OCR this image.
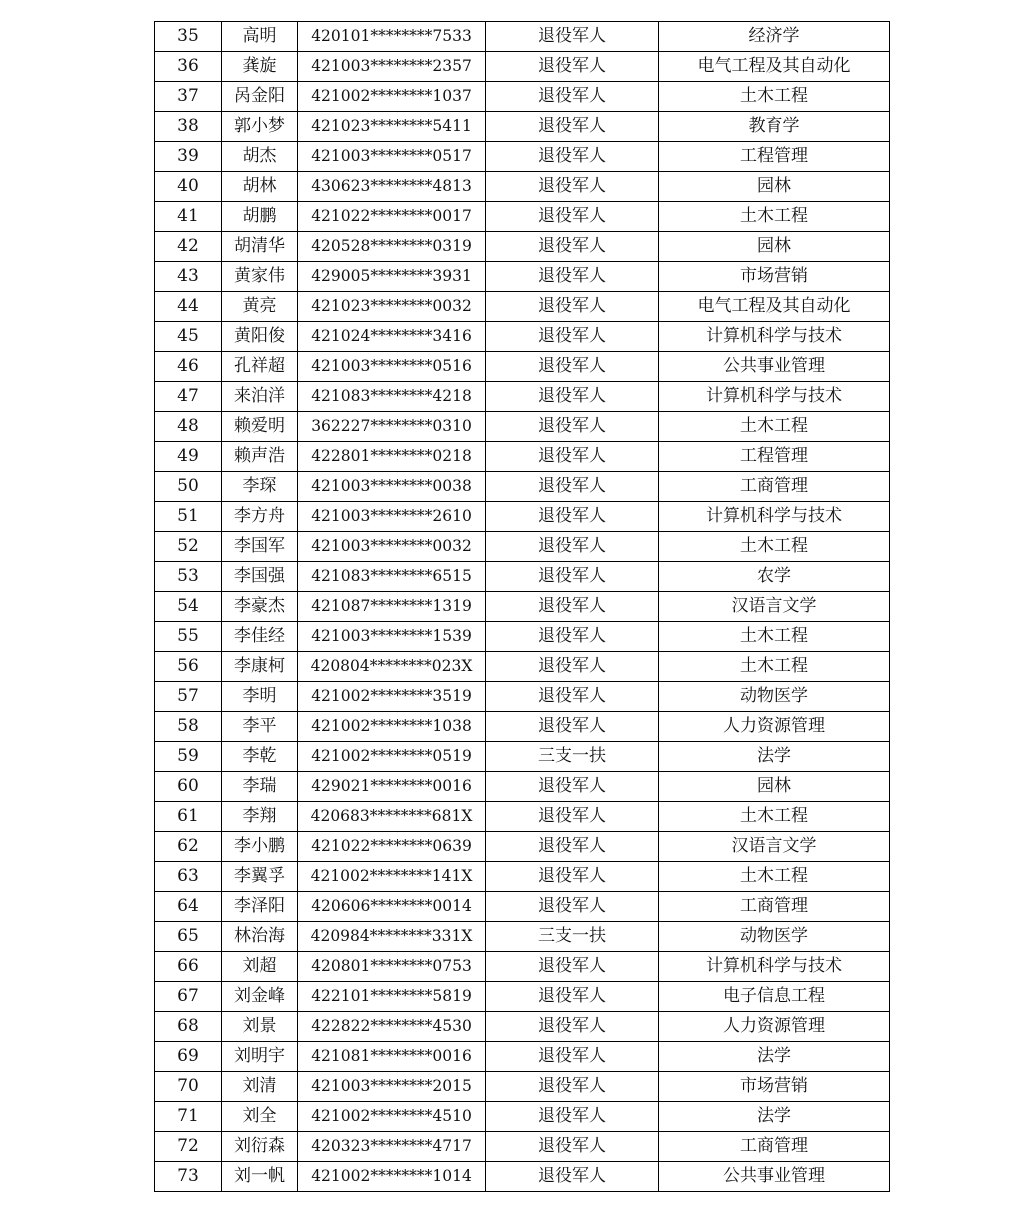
35	高明	420101********7533	退役军人	经济学
36	龚旋	421003********2357	退役军人	电气工程及其自动化
37	呙金阳	421002********1037	退役军人	土木工程
38	郭小梦	421023********5411	退役军人	教育学
39	胡杰	421003********0517	退役军人	工程管理
40	胡林	430623********4813	退役军人	园林
41	胡鹏	421022********0017	退役军人	土木工程
42	胡清华	420528********0319	退役军人	园林
43	黄家伟	429005********3931	退役军人	市场营销
44	黄亮	421023********0032	退役军人	电气工程及其自动化
45	黄阳俊	421024********3416	退役军人	计算机科学与技术
46	孔祥超	421003********0516	退役军人	公共事业管理
47	来泊洋	421083********4218	退役军人	计算机科学与技术
48	赖爱明	362227********0310	退役军人	土木工程
49	赖声浩	422801********0218	退役军人	工程管理
50	李琛	421003********0038	退役军人	工商管理
51	李方舟	421003********2610	退役军人	计算机科学与技术
52	李国军	421003********0032	退役军人	土木工程
53	李国强	421083********6515	退役军人	农学
54	李豪杰	421087********1319	退役军人	汉语言文学
55	李佳经	421003********1539	退役军人	土木工程
56	李康柯	420804********023X	退役军人	土木工程
57	李明	421002********3519	退役军人	动物医学
58	李平	421002********1038	退役军人	人力资源管理
59	李乾	421002********0519	三支一扶	法学
60	李瑞	429021********0016	退役军人	园林
61	李翔	420683********681X	退役军人	土木工程
62	李小鹏	421022********0639	退役军人	汉语言文学
63	李翼孚	421002********141X	退役军人	土木工程
64	李泽阳	420606********0014	退役军人	工商管理
65	林治海	420984********331X	三支一扶	动物医学
66	刘超	420801********0753	退役军人	计算机科学与技术
67	刘金峰	422101********5819	退役军人	电子信息工程
68	刘景	422822********4530	退役军人	人力资源管理
69	刘明宇	421081********0016	退役军人	法学
70	刘清	421003********2015	退役军人	市场营销
71	刘全	421002********4510	退役军人	法学
72	刘衍森	420323********4717	退役军人	工商管理
73	刘一帆	421002********1014	退役军人	公共事业管理
